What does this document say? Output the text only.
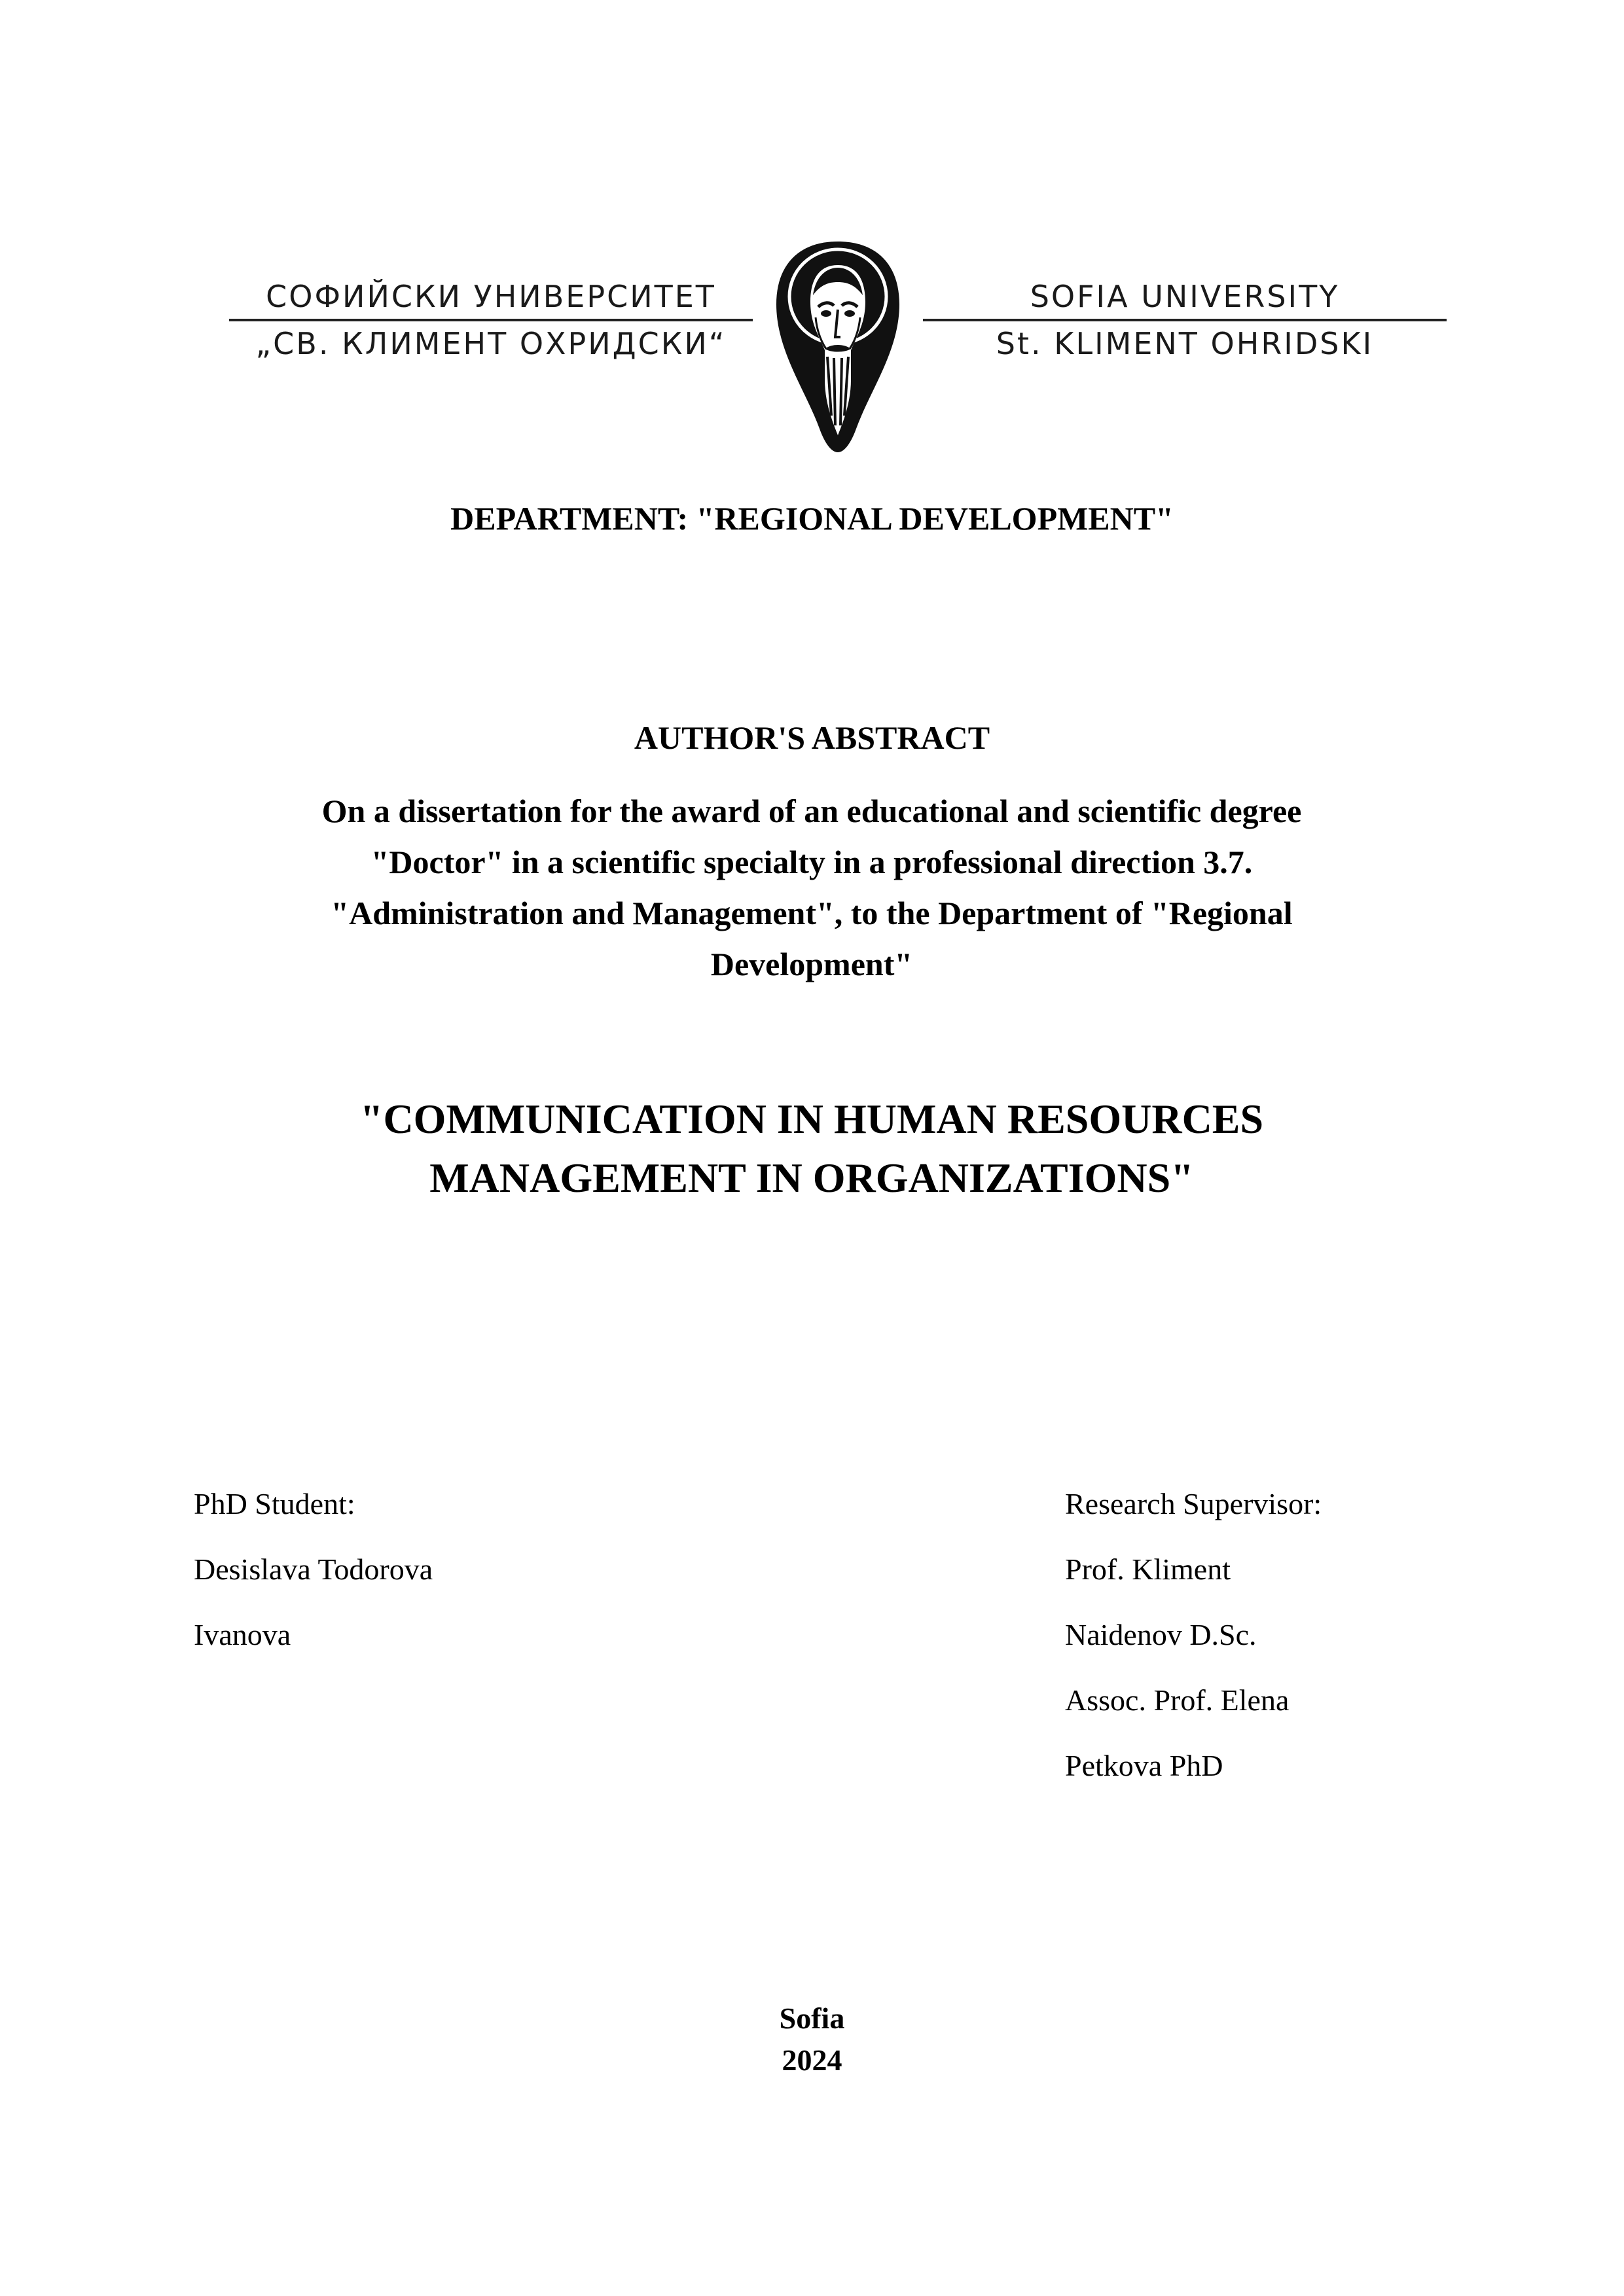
СОФИЙСКИ УНИВЕРСИТЕТ
„СВ. КЛИМЕНТ ОХРИДСКИ“
SOFIA UNIVERSITY
St. KLIMENT OHRIDSKI
DEPARTMENT: "REGIONAL DEVELOPMENT"
AUTHOR'S ABSTRACT
On a dissertation for the award of an educational and scientific degree
"Doctor" in a scientific specialty in a professional direction 3.7.
"Administration and Management", to the Department of "Regional
Development"
"COMMUNICATION IN HUMAN RESOURCES
MANAGEMENT IN ORGANIZATIONS"
PhD Student:
Desislava Todorova
Ivanova
Research Supervisor:
Prof. Kliment
Naidenov D.Sc.
Assoc. Prof. Elena
Petkova PhD
Sofia
2024
